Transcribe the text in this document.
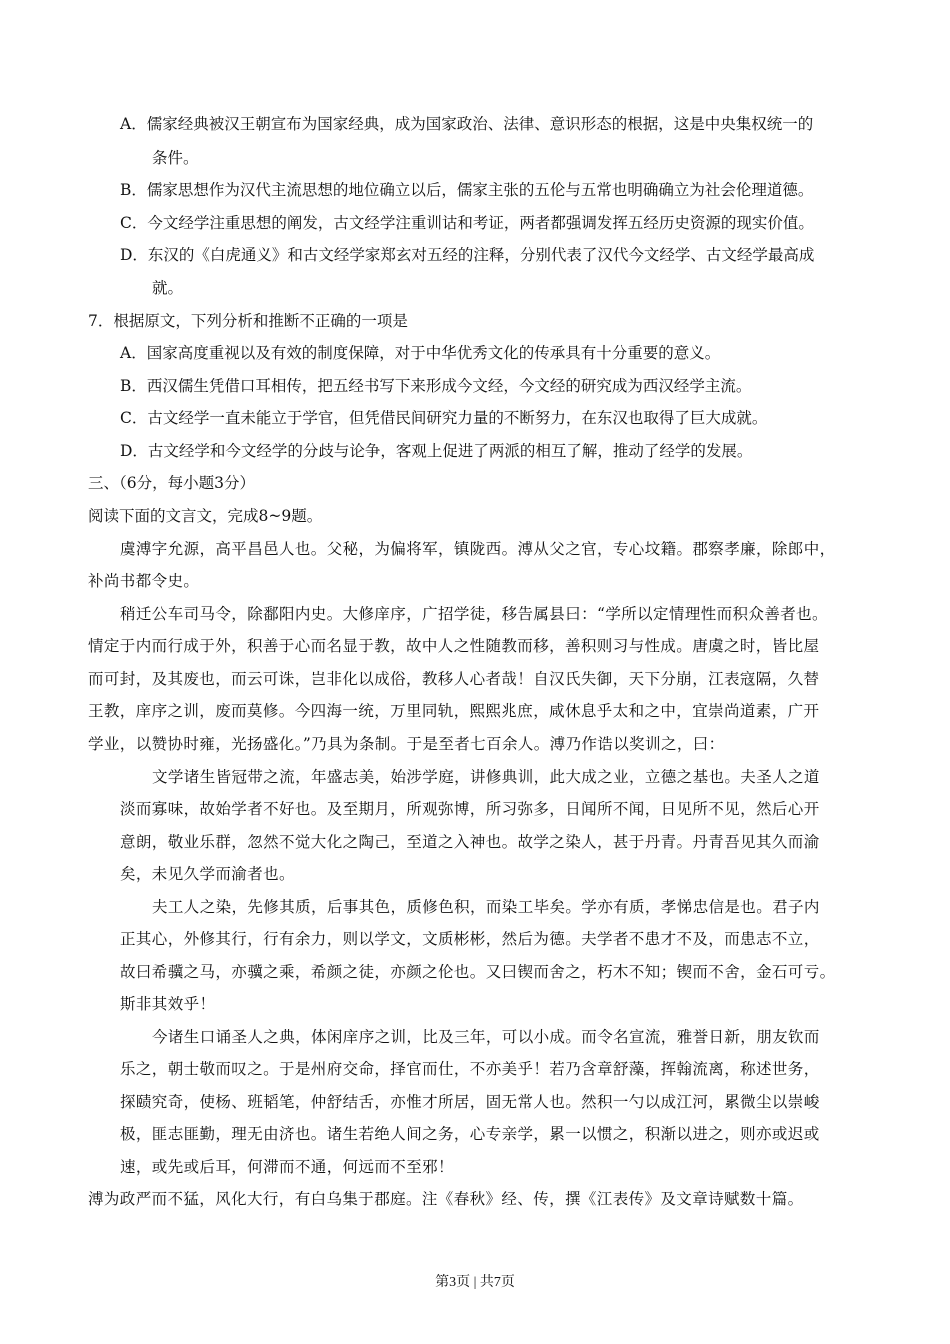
A．儒家经典被汉王朝宣布为国家经典，成为国家政治、法律、意识形态的根据，这是中央集权统一的
条件。
B．儒家思想作为汉代主流思想的地位确立以后，儒家主张的五伦与五常也明确确立为社会伦理道德。
C．今文经学注重思想的阐发，古文经学注重训诂和考证，两者都强调发挥五经历史资源的现实价值。
D．东汉的《白虎通义》和古文经学家郑玄对五经的注释，分别代表了汉代今文经学、古文经学最高成
就。
7．根据原文，下列分析和推断不正确的一项是
A．国家高度重视以及有效的制度保障，对于中华优秀文化的传承具有十分重要的意义。
B．西汉儒生凭借口耳相传，把五经书写下来形成今文经，今文经的研究成为西汉经学主流。
C．古文经学一直未能立于学官，但凭借民间研究力量的不断努力，在东汉也取得了巨大成就。
D．古文经学和今文经学的分歧与论争，客观上促进了两派的相互了解，推动了经学的发展。
三、（6分，每小题3分）
阅读下面的文言文，完成8~9题。
虞溥字允源，高平昌邑人也。父秘，为偏将军，镇陇西。溥从父之官，专心坟籍。郡察孝廉，除郎中，
补尚书都令史。
稍迁公车司马令，除鄱阳内史。大修庠序，广招学徒，移告属县曰：“学所以定情理性而积众善者也。
情定于内而行成于外，积善于心而名显于教，故中人之性随教而移，善积则习与性成。唐虞之时，皆比屋
而可封，及其废也，而云可诛，岂非化以成俗，教移人心者哉！自汉氏失御，天下分崩，江表寇隔，久替
王教，庠序之训，废而莫修。今四海一统，万里同轨，熙熙兆庶，咸休息乎太和之中，宜崇尚道素，广开
学业，以赞协时雍，光扬盛化。”乃具为条制。于是至者七百余人。溥乃作诰以奖训之，曰：
文学诸生皆冠带之流，年盛志美，始涉学庭，讲修典训，此大成之业，立德之基也。夫圣人之道
淡而寡味，故始学者不好也。及至期月，所观弥博，所习弥多，日闻所不闻，日见所不见，然后心开
意朗，敬业乐群，忽然不觉大化之陶己，至道之入神也。故学之染人，甚于丹青。丹青吾见其久而渝
矣，未见久学而渝者也。
夫工人之染，先修其质，后事其色，质修色积，而染工毕矣。学亦有质，孝悌忠信是也。君子内
正其心，外修其行，行有余力，则以学文，文质彬彬，然后为德。夫学者不患才不及，而患志不立，
故曰希骥之马，亦骥之乘，希颜之徒，亦颜之伦也。又曰锲而舍之，朽木不知；锲而不舍，金石可亏。
斯非其效乎！
今诸生口诵圣人之典，体闲庠序之训，比及三年，可以小成。而令名宣流，雅誉日新，朋友钦而
乐之，朝士敬而叹之。于是州府交命，择官而仕，不亦美乎！若乃含章舒藻，挥翰流离，称述世务，
探赜究奇，使杨、班韬笔，仲舒结舌，亦惟才所居，固无常人也。然积一勺以成江河，累微尘以崇峻
极，匪志匪勤，理无由济也。诸生若绝人间之务，心专亲学，累一以惯之，积渐以进之，则亦或迟或
速，或先或后耳，何滞而不通，何远而不至邪！
溥为政严而不猛，风化大行，有白乌集于郡庭。注《春秋》经、传，撰《江表传》及文章诗赋数十篇。
第3页 | 共7页
